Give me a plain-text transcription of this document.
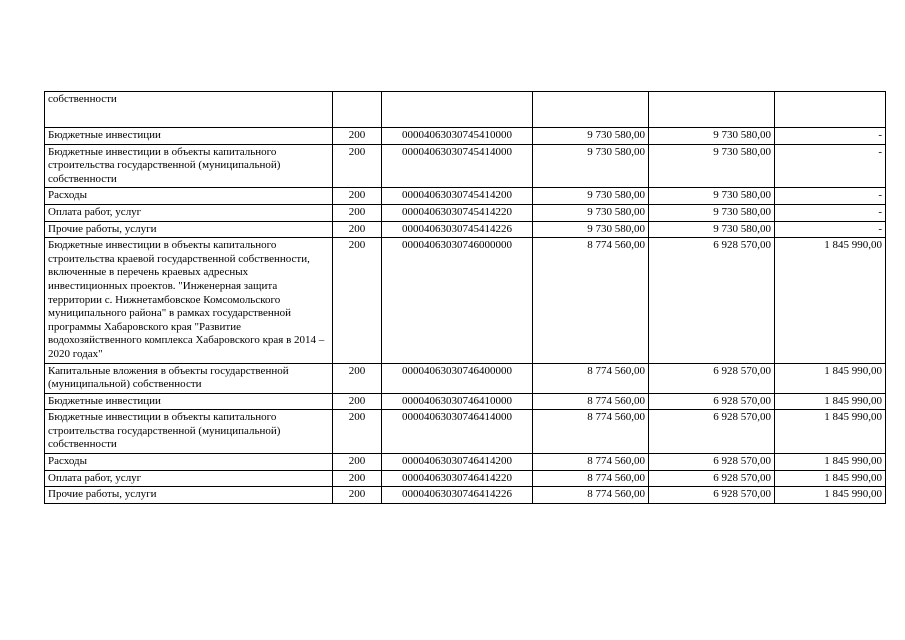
собственности					
Бюджетные инвестиции	200	00004063030745410000	9 730 580,00	9 730 580,00	-
Бюджетные инвестиции в объекты капитального строительства государственной (муниципальной) собственности	200	00004063030745414000	9 730 580,00	9 730 580,00	-
Расходы	200	00004063030745414200	9 730 580,00	9 730 580,00	-
Оплата работ, услуг	200	00004063030745414220	9 730 580,00	9 730 580,00	-
Прочие работы, услуги	200	00004063030745414226	9 730 580,00	9 730 580,00	-
Бюджетные инвестиции в объекты капитального строительства краевой государственной собственности, включенные в перечень краевых адресных инвестиционных проектов. "Инженерная защита территории с. Нижнетамбовское Комсомольского муниципального района" в рамках государственной программы Хабаровского края "Развитие водохозяйственного комплекса Хабаровского края в 2014 – 2020 годах"	200	00004063030746000000	8 774 560,00	6 928 570,00	1 845 990,00
Капитальные вложения в объекты государственной (муниципальной) собственности	200	00004063030746400000	8 774 560,00	6 928 570,00	1 845 990,00
Бюджетные инвестиции	200	00004063030746410000	8 774 560,00	6 928 570,00	1 845 990,00
Бюджетные инвестиции в объекты капитального строительства государственной (муниципальной) собственности	200	00004063030746414000	8 774 560,00	6 928 570,00	1 845 990,00
Расходы	200	00004063030746414200	8 774 560,00	6 928 570,00	1 845 990,00
Оплата работ, услуг	200	00004063030746414220	8 774 560,00	6 928 570,00	1 845 990,00
Прочие работы, услуги	200	00004063030746414226	8 774 560,00	6 928 570,00	1 845 990,00
